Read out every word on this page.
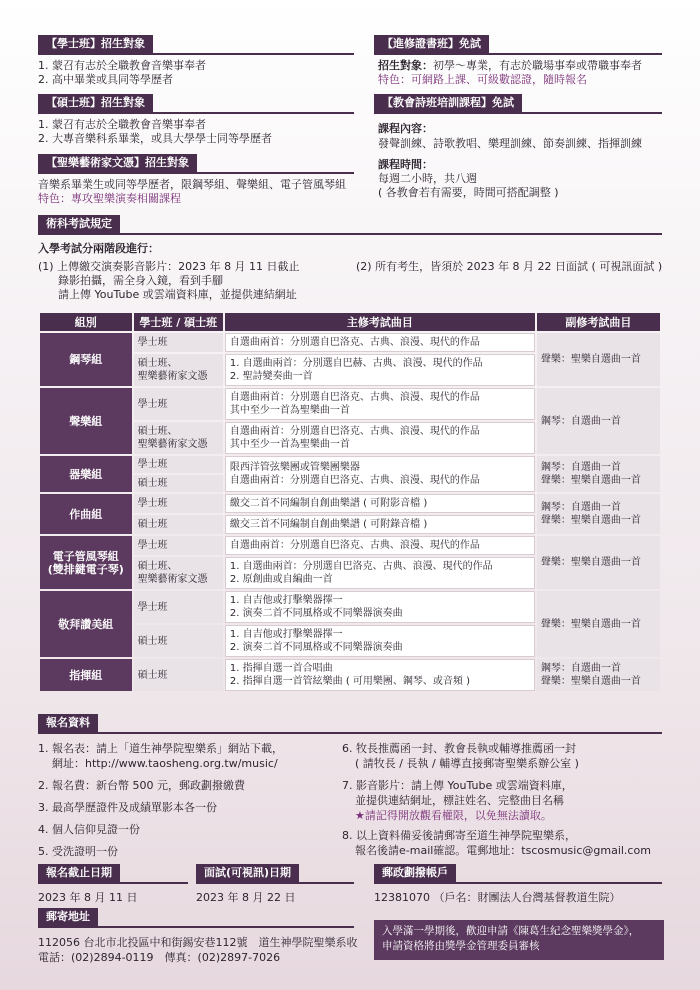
【學士班】招生對象
1. 蒙召有志於全職教會音樂事奉者
2. 高中畢業或具同等學歷者
【碩士班】招生對象
1. 蒙召有志於全職教會音樂事奉者
2. 大專音樂科系畢業，或具大學學士同等學歷者
【聖樂藝術家文憑】招生對象
音樂系畢業生或同等學歷者，限鋼琴組、聲樂組、電子管風琴組
特色：專攻聖樂演奏相關課程
【進修證書班】免試
招生對象：初學～專業，有志於職場事奉或帶職事奉者
特色：可網路上課、可級數認證，隨時報名
【教會詩班培訓課程】免試
課程內容：
發聲訓練、詩歌教唱、樂理訓練、節奏訓練、指揮訓練
課程時間：
每週二小時，共八週
( 各教會若有需要，時間可搭配調整 )
術科考試規定
入學考試分兩階段進行：
(1) 上傳繳交演奏影音影片：2023 年 8 月 11 日截止
錄影拍攝，需全身入鏡，看到手腳
請上傳 YouTube 或雲端資料庫，並提供連結網址
(2) 所有考生，皆須於 2023 年 8 月 22 日面試 ( 可視訊面試 )
組別	學士班 / 碩士班	主修考試曲目	副修考試曲目
鋼琴組	學士班	自選曲兩首：分別選自巴洛克、古典、浪漫、現代的作品	聲樂：聖樂自選曲一首

	碩士班、
聖樂藝術家文憑	1. 自選曲兩首：分別選自巴赫、古典、浪漫、現代的作品
2. 聖詩變奏曲一首	

聲樂組	學士班	自選曲兩首：分別選自巴洛克、古典、浪漫、現代的作品
其中至少一首為聖樂曲一首	鋼琴：自選曲一首

	碩士班、
聖樂藝術家文憑	自選曲兩首：分別選自巴洛克、古典、浪漫、現代的作品
其中至少一首為聖樂曲一首	

器樂組	學士班	限西洋管弦樂團或管樂團樂器
自選曲兩首：分別選自巴洛克、古典、浪漫、現代的作品	鋼琴：自選曲一首
聲樂：聖樂自選曲一首

	碩士班		
作曲組	學士班	繳交二首不同編制自創曲樂譜 ( 可附影音檔 )	鋼琴：自選曲一首
聲樂：聖樂自選曲一首

	碩士班	繳交三首不同編制自創曲樂譜 ( 可附錄音檔 )	

電子管風琴組
(雙排鍵電子琴)	學士班	自選曲兩首：分別選自巴洛克、古典、浪漫、現代的作品	聲樂：聖樂自選曲一首

	碩士班、
聖樂藝術家文憑	1. 自選曲兩首：分別選自巴洛克、古典、浪漫、現代的作品
2. 原創曲或自編曲一首	

敬拜讚美組	學士班	1. 自吉他或打擊樂器擇一
2. 演奏二首不同風格或不同樂器演奏曲	聲樂：聖樂自選曲一首
	碩士班	1. 自吉他或打擊樂器擇一
2. 演奏二首不同風格或不同樂器演奏曲	

指揮組	碩士班	1. 指揮自選一首合唱曲
2. 指揮自選一首管絃樂曲 ( 可用樂團、鋼琴、或音頻 )	鋼琴：自選曲一首
聲樂：聖樂自選曲一首
報名資料
1. 報名表：請上「道生神學院聖樂系」網站下載，
網址：http://www.taosheng.org.tw/music/
2. 報名費：新台幣 500 元，郵政劃撥繳費
3. 最高學歷證件及成績單影本各一份
4. 個人信仰見證一份
5. 受洗證明一份
6. 牧長推薦函一封、教會長執或輔導推薦函一封
( 請牧長 / 長執 / 輔導直接郵寄聖樂系辦公室 )
7. 影音影片：請上傳 YouTube 或雲端資料庫，
並提供連結網址，標註姓名、完整曲目名稱
★請記得開放觀看權限，以免無法讀取。
8. 以上資料備妥後請郵寄至道生神學院聖樂系，
報名後請e-mail確認。電郵地址：tscosmusic@gmail.com
報名截止日期
2023 年 8 月 11 日
面試(可視訊)日期
2023 年 8 月 22 日
郵政劃撥帳戶
12381070 （戶名：財團法人台灣基督教道生院）
郵寄地址
112056 台北市北投區中和街錫安巷112號　道生神學院聖樂系收
電話：(02)2894-0119　傳真：(02)2897-7026
入學滿一學期後，歡迎申請《陳葛生紀念聖樂獎學金》，
申請資格將由獎學金管理委員審核
